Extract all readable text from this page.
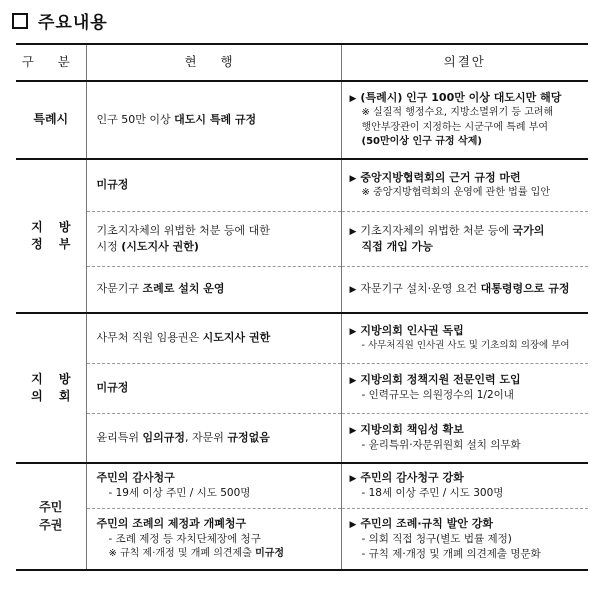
주요내용
구 분	현 행	의결안
특례시	인구 50만 이상 대도시 특례 규정	▶ (특례시) 인구 100만 이상 대도시만 해당
※ 실질적 행정수요, 지방소멸위기 등 고려해
행안부장관이 지정하는 시군구에 특례 부여
(50만이상 인구 규정 삭제)

지 방
정 부	미규정	▶ 중앙지방협력회의 근거 규정 마련
※ 중앙지방협력회의 운영에 관한 법률 입안

	기초지자체의 위법한 처분 등에 대한
시정 (시도지사 권한)	▶ 기초지자체의 위법한 처분 등에 국가의
직접 개입 가능

	자문기구 조례로 설치 운영	▶ 자문기구 설치·운영 요건 대통령령으로 규정

지 방
의 회	사무처 직원 임용권은 시도지사 권한	▶ 지방의회 인사권 독립
- 사무처직원 인사권 사도 및 기초의회 의장에 부여

	미규정	▶ 지방의회 정책지원 전문인력 도입
- 인력규모는 의원정수의 1/2이내

	윤리특위 임의규정, 자문위 규정없음	▶ 지방의회 책임성 확보
- 윤리특위·자문위원회 설치 의무화

주민
주권	주민의 감사청구
- 19세 이상 주민 / 시도 500명	▶ 주민의 감사청구 강화
- 18세 이상 주민 / 시도 300명

	주민의 조례의 제정과 개폐청구
- 조례 제정 등 자치단체장에 청구
※ 규칙 제·개정 및 개폐 의견제출 미규정	▶ 주민의 조례·규칙 발안 강화
- 의회 직접 청구(별도 법률 제정)
- 규칙 제·개정 및 개폐 의견제출 명문화
